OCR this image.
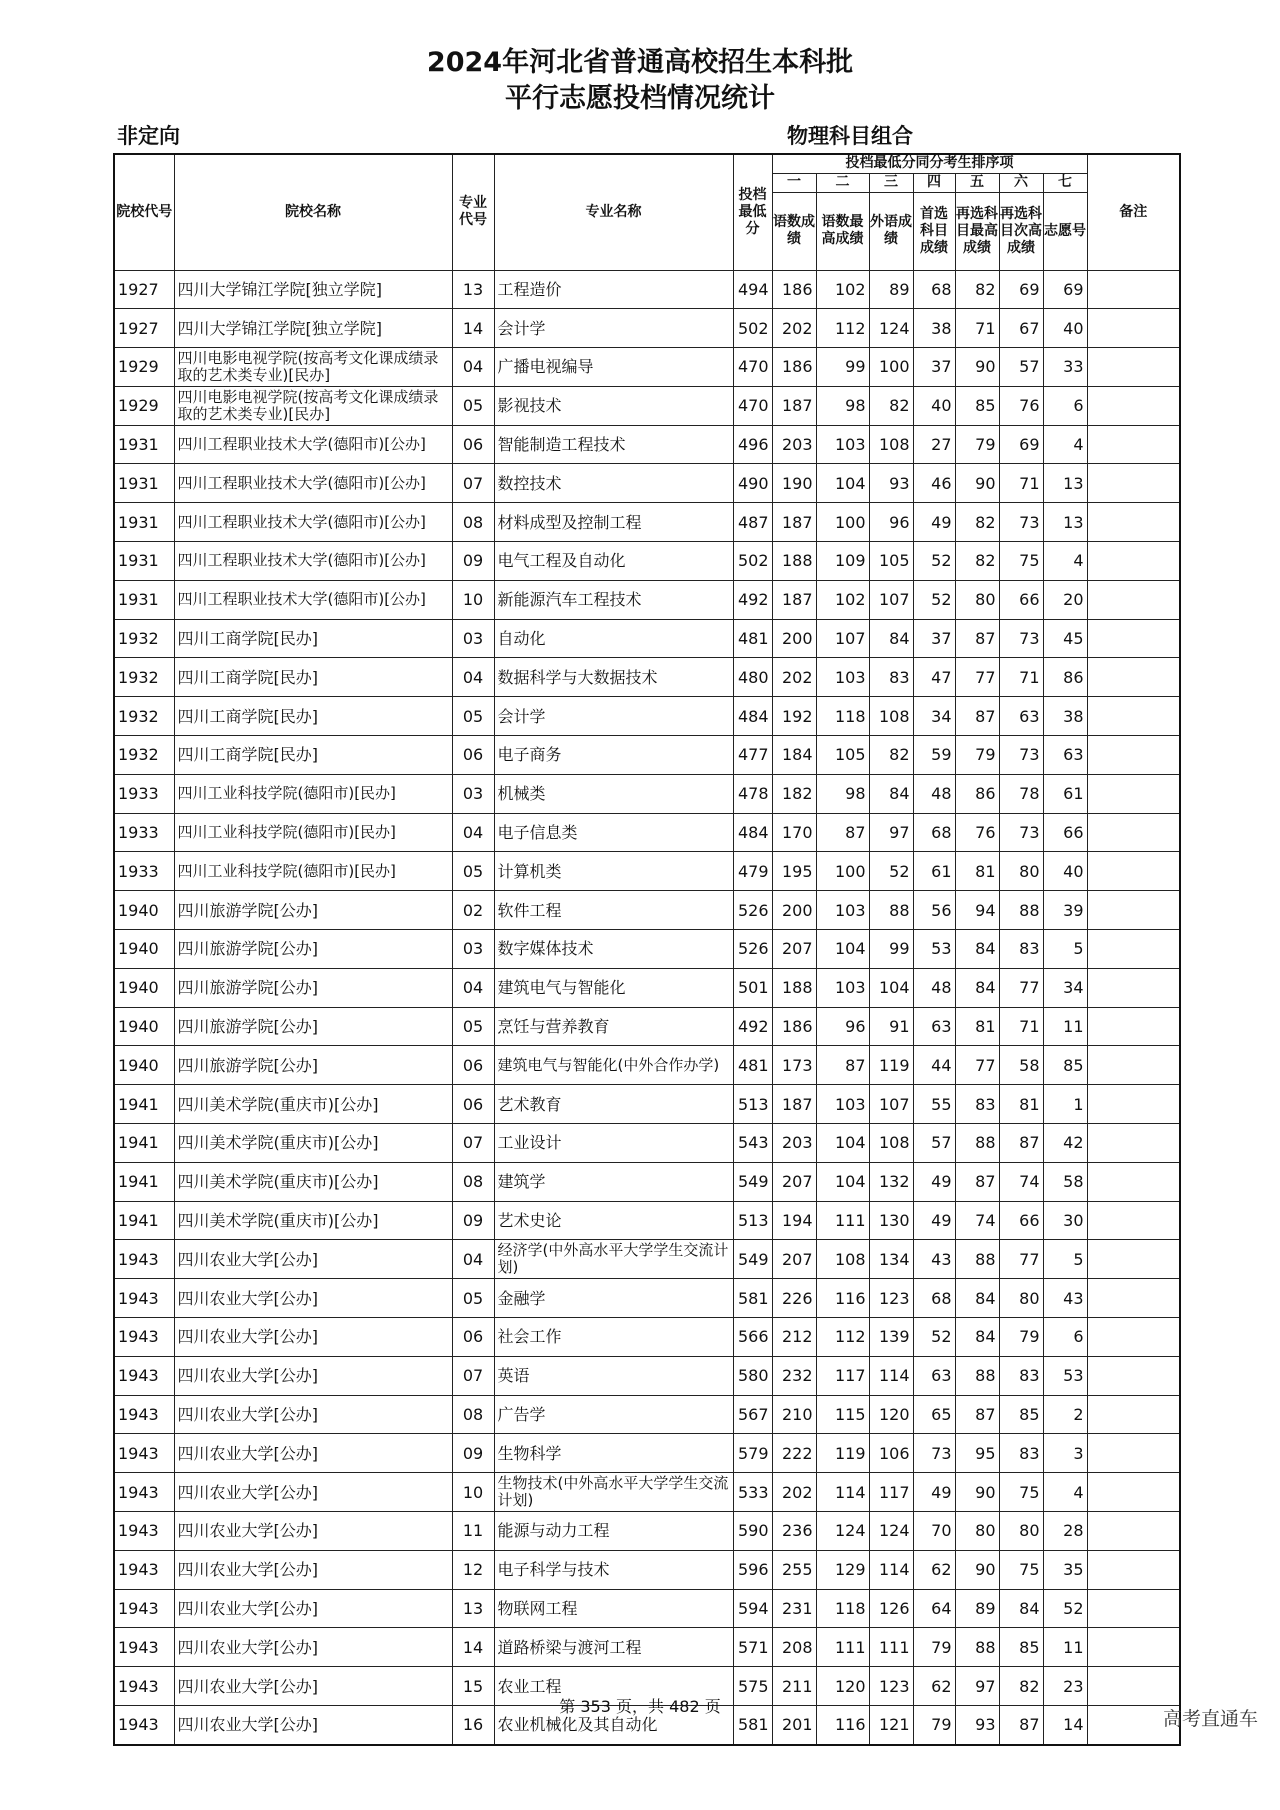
2024年河北省普通高校招生本科批
平行志愿投档情况统计
非定向	物理科目组合
院校代号	院校名称	专业代号	专业名称	投档最低分	投档最低分同分考生排序项							备注
					一	二	三	四	五	六	七	
					语数成绩	语数最高成绩	外语成绩	首选科目成绩	再选科目最高成绩	再选科目次高成绩	志愿号	
1927	四川大学锦江学院[独立学院]	13	工程造价	494	186	102	89	68	82	69	69	
1927	四川大学锦江学院[独立学院]	14	会计学	502	202	112	124	38	71	67	40	
1929	四川电影电视学院(按高考文化课成绩录取的艺术类专业)[民办]	04	广播电视编导	470	186	99	100	37	90	57	33	
1929	四川电影电视学院(按高考文化课成绩录取的艺术类专业)[民办]	05	影视技术	470	187	98	82	40	85	76	6	
1931	四川工程职业技术大学(德阳市)[公办]	06	智能制造工程技术	496	203	103	108	27	79	69	4	
1931	四川工程职业技术大学(德阳市)[公办]	07	数控技术	490	190	104	93	46	90	71	13	
1931	四川工程职业技术大学(德阳市)[公办]	08	材料成型及控制工程	487	187	100	96	49	82	73	13	
1931	四川工程职业技术大学(德阳市)[公办]	09	电气工程及自动化	502	188	109	105	52	82	75	4	
1931	四川工程职业技术大学(德阳市)[公办]	10	新能源汽车工程技术	492	187	102	107	52	80	66	20	
1932	四川工商学院[民办]	03	自动化	481	200	107	84	37	87	73	45	
1932	四川工商学院[民办]	04	数据科学与大数据技术	480	202	103	83	47	77	71	86	
1932	四川工商学院[民办]	05	会计学	484	192	118	108	34	87	63	38	
1932	四川工商学院[民办]	06	电子商务	477	184	105	82	59	79	73	63	
1933	四川工业科技学院(德阳市)[民办]	03	机械类	478	182	98	84	48	86	78	61	
1933	四川工业科技学院(德阳市)[民办]	04	电子信息类	484	170	87	97	68	76	73	66	
1933	四川工业科技学院(德阳市)[民办]	05	计算机类	479	195	100	52	61	81	80	40	
1940	四川旅游学院[公办]	02	软件工程	526	200	103	88	56	94	88	39	
1940	四川旅游学院[公办]	03	数字媒体技术	526	207	104	99	53	84	83	5	
1940	四川旅游学院[公办]	04	建筑电气与智能化	501	188	103	104	48	84	77	34	
1940	四川旅游学院[公办]	05	烹饪与营养教育	492	186	96	91	63	81	71	11	
1940	四川旅游学院[公办]	06	建筑电气与智能化(中外合作办学)	481	173	87	119	44	77	58	85	
1941	四川美术学院(重庆市)[公办]	06	艺术教育	513	187	103	107	55	83	81	1	
1941	四川美术学院(重庆市)[公办]	07	工业设计	543	203	104	108	57	88	87	42	
1941	四川美术学院(重庆市)[公办]	08	建筑学	549	207	104	132	49	87	74	58	
1941	四川美术学院(重庆市)[公办]	09	艺术史论	513	194	111	130	49	74	66	30	
1943	四川农业大学[公办]	04	经济学(中外高水平大学学生交流计划)	549	207	108	134	43	88	77	5	
1943	四川农业大学[公办]	05	金融学	581	226	116	123	68	84	80	43	
1943	四川农业大学[公办]	06	社会工作	566	212	112	139	52	84	79	6	
1943	四川农业大学[公办]	07	英语	580	232	117	114	63	88	83	53	
1943	四川农业大学[公办]	08	广告学	567	210	115	120	65	87	85	2	
1943	四川农业大学[公办]	09	生物科学	579	222	119	106	73	95	83	3	
1943	四川农业大学[公办]	10	生物技术(中外高水平大学学生交流计划)	533	202	114	117	49	90	75	4	
1943	四川农业大学[公办]	11	能源与动力工程	590	236	124	124	70	80	80	28	
1943	四川农业大学[公办]	12	电子科学与技术	596	255	129	114	62	90	75	35	
1943	四川农业大学[公办]	13	物联网工程	594	231	118	126	64	89	84	52	
1943	四川农业大学[公办]	14	道路桥梁与渡河工程	571	208	111	111	79	88	85	11	
1943	四川农业大学[公办]	15	农业工程	575	211	120	123	62	97	82	23	
1943	四川农业大学[公办]	16	农业机械化及其自动化	581	201	116	121	79	93	87	14	
第 353 页，共 482 页
高考直通车
